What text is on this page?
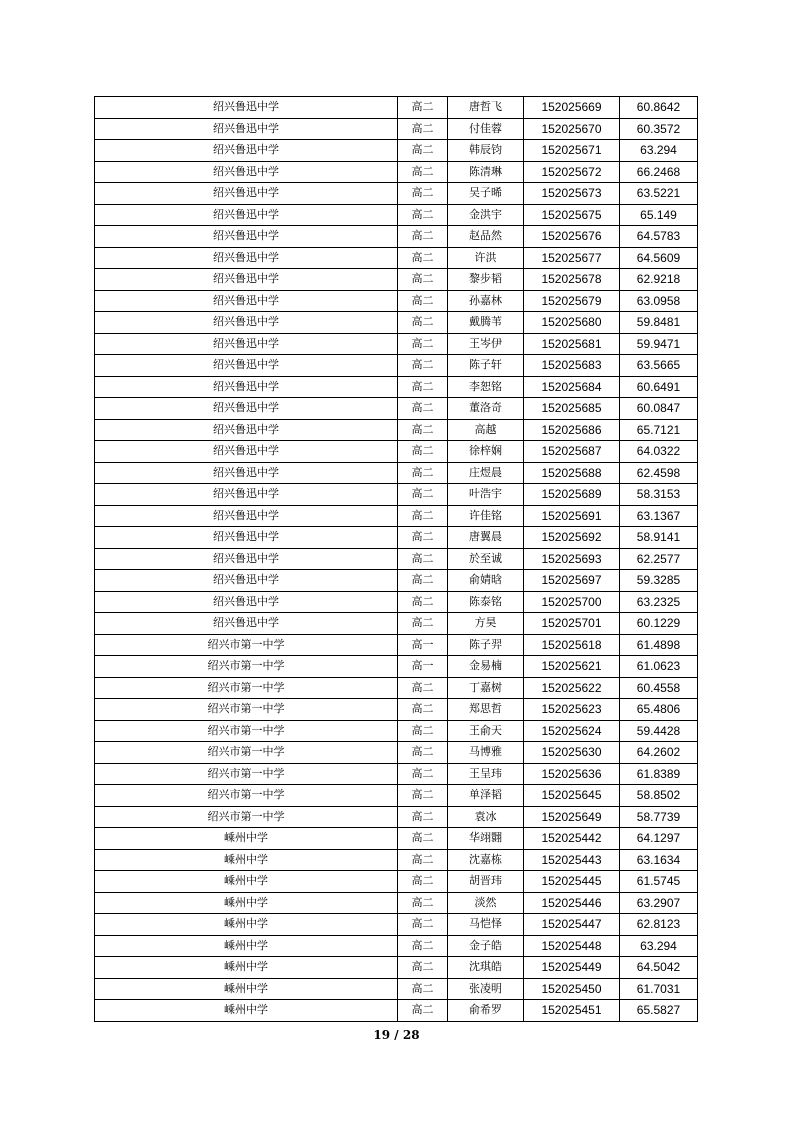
绍兴鲁迅中学	高二	唐哲飞	152025669	60.8642
绍兴鲁迅中学	高二	付佳蓉	152025670	60.3572
绍兴鲁迅中学	高二	韩辰钧	152025671	63.294
绍兴鲁迅中学	高二	陈清琳	152025672	66.2468
绍兴鲁迅中学	高二	吴子晞	152025673	63.5221
绍兴鲁迅中学	高二	金洪宇	152025675	65.149
绍兴鲁迅中学	高二	赵品然	152025676	64.5783
绍兴鲁迅中学	高二	许洪	152025677	64.5609
绍兴鲁迅中学	高二	黎步韬	152025678	62.9218
绍兴鲁迅中学	高二	孙嘉林	152025679	63.0958
绍兴鲁迅中学	高二	戴腾苇	152025680	59.8481
绍兴鲁迅中学	高二	王岑伊	152025681	59.9471
绍兴鲁迅中学	高二	陈子轩	152025683	63.5665
绍兴鲁迅中学	高二	李恕铭	152025684	60.6491
绍兴鲁迅中学	高二	董洛奇	152025685	60.0847
绍兴鲁迅中学	高二	高越	152025686	65.7121
绍兴鲁迅中学	高二	徐梓娴	152025687	64.0322
绍兴鲁迅中学	高二	庄煜晨	152025688	62.4598
绍兴鲁迅中学	高二	叶浩宇	152025689	58.3153
绍兴鲁迅中学	高二	许佳铭	152025691	63.1367
绍兴鲁迅中学	高二	唐翼晨	152025692	58.9141
绍兴鲁迅中学	高二	於至诚	152025693	62.2577
绍兴鲁迅中学	高二	俞婧晗	152025697	59.3285
绍兴鲁迅中学	高二	陈泰铭	152025700	63.2325
绍兴鲁迅中学	高二	方昊	152025701	60.1229
绍兴市第一中学	高一	陈子羿	152025618	61.4898
绍兴市第一中学	高一	金易楠	152025621	61.0623
绍兴市第一中学	高二	丁嘉树	152025622	60.4558
绍兴市第一中学	高二	郑思哲	152025623	65.4806
绍兴市第一中学	高二	王俞天	152025624	59.4428
绍兴市第一中学	高二	马博雅	152025630	64.2602
绍兴市第一中学	高二	王呈玮	152025636	61.8389
绍兴市第一中学	高二	单泽韬	152025645	58.8502
绍兴市第一中学	高二	袁冰	152025649	58.7739
嵊州中学	高二	华翊翾	152025442	64.1297
嵊州中学	高二	沈嘉栋	152025443	63.1634
嵊州中学	高二	胡晋玮	152025445	61.5745
嵊州中学	高二	淡然	152025446	63.2907
嵊州中学	高二	马恺怿	152025447	62.8123
嵊州中学	高二	金子皓	152025448	63.294
嵊州中学	高二	沈琪皓	152025449	64.5042
嵊州中学	高二	张凌明	152025450	61.7031
嵊州中学	高二	俞希罗	152025451	65.5827
19 / 28
